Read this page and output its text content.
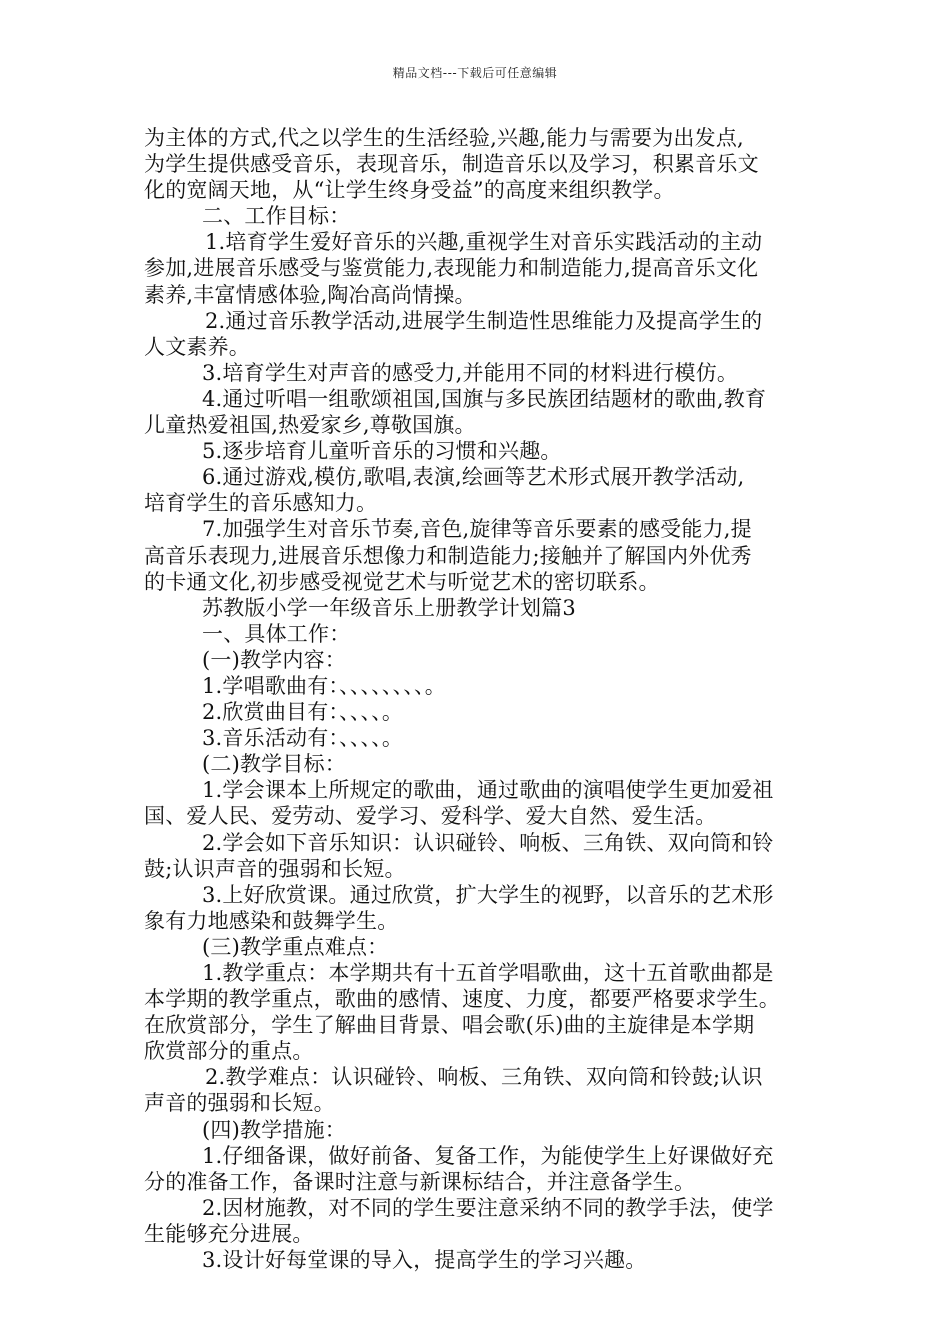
精品文档---下载后可任意编辑
为主体的方式,代之以学生的生活经验,兴趣,能力与需要为出发点,
为学生提供感受音乐，表现音乐，制造音乐以及学习，积累音乐文
化的宽阔天地，从“让学生终身受益”的高度来组织教学。
二、工作目标：
1.培育学生爱好音乐的兴趣,重视学生对音乐实践活动的主动
参加,进展音乐感受与鉴赏能力,表现能力和制造能力,提高音乐文化
素养,丰富情感体验,陶冶高尚情操。
2.通过音乐教学活动,进展学生制造性思维能力及提高学生的
人文素养。
3.培育学生对声音的感受力,并能用不同的材料进行模仿。
4.通过听唱一组歌颂祖国,国旗与多民族团结题材的歌曲,教育
儿童热爱祖国,热爱家乡,尊敬国旗。
5.逐步培育儿童听音乐的习惯和兴趣。
6.通过游戏,模仿,歌唱,表演,绘画等艺术形式展开教学活动,
培育学生的音乐感知力。
7.加强学生对音乐节奏,音色,旋律等音乐要素的感受能力,提
高音乐表现力,进展音乐想像力和制造能力;接触并了解国内外优秀
的卡通文化,初步感受视觉艺术与听觉艺术的密切联系。
苏教版小学一年级音乐上册教学计划篇3
一、具体工作：
(一)教学内容：
1.学唱歌曲有：、、、、、、、、。
2.欣赏曲目有：、、、、。
3.音乐活动有：、、、、。
(二)教学目标：
1.学会课本上所规定的歌曲，通过歌曲的演唱使学生更加爱祖
国、爱人民、爱劳动、爱学习、爱科学、爱大自然、爱生活。
2.学会如下音乐知识：认识碰铃、响板、三角铁、双向筒和铃
鼓;认识声音的强弱和长短。
3.上好欣赏课。通过欣赏，扩大学生的视野，以音乐的艺术形
象有力地感染和鼓舞学生。
(三)教学重点难点：
1.教学重点：本学期共有十五首学唱歌曲，这十五首歌曲都是
本学期的教学重点，歌曲的感情、速度、力度，都要严格要求学生。
在欣赏部分，学生了解曲目背景、唱会歌(乐)曲的主旋律是本学期
欣赏部分的重点。
2.教学难点：认识碰铃、响板、三角铁、双向筒和铃鼓;认识
声音的强弱和长短。
(四)教学措施：
1.仔细备课，做好前备、复备工作，为能使学生上好课做好充
分的准备工作，备课时注意与新课标结合，并注意备学生。
2.因材施教，对不同的学生要注意采纳不同的教学手法，使学
生能够充分进展。
3.设计好每堂课的导入，提高学生的学习兴趣。
